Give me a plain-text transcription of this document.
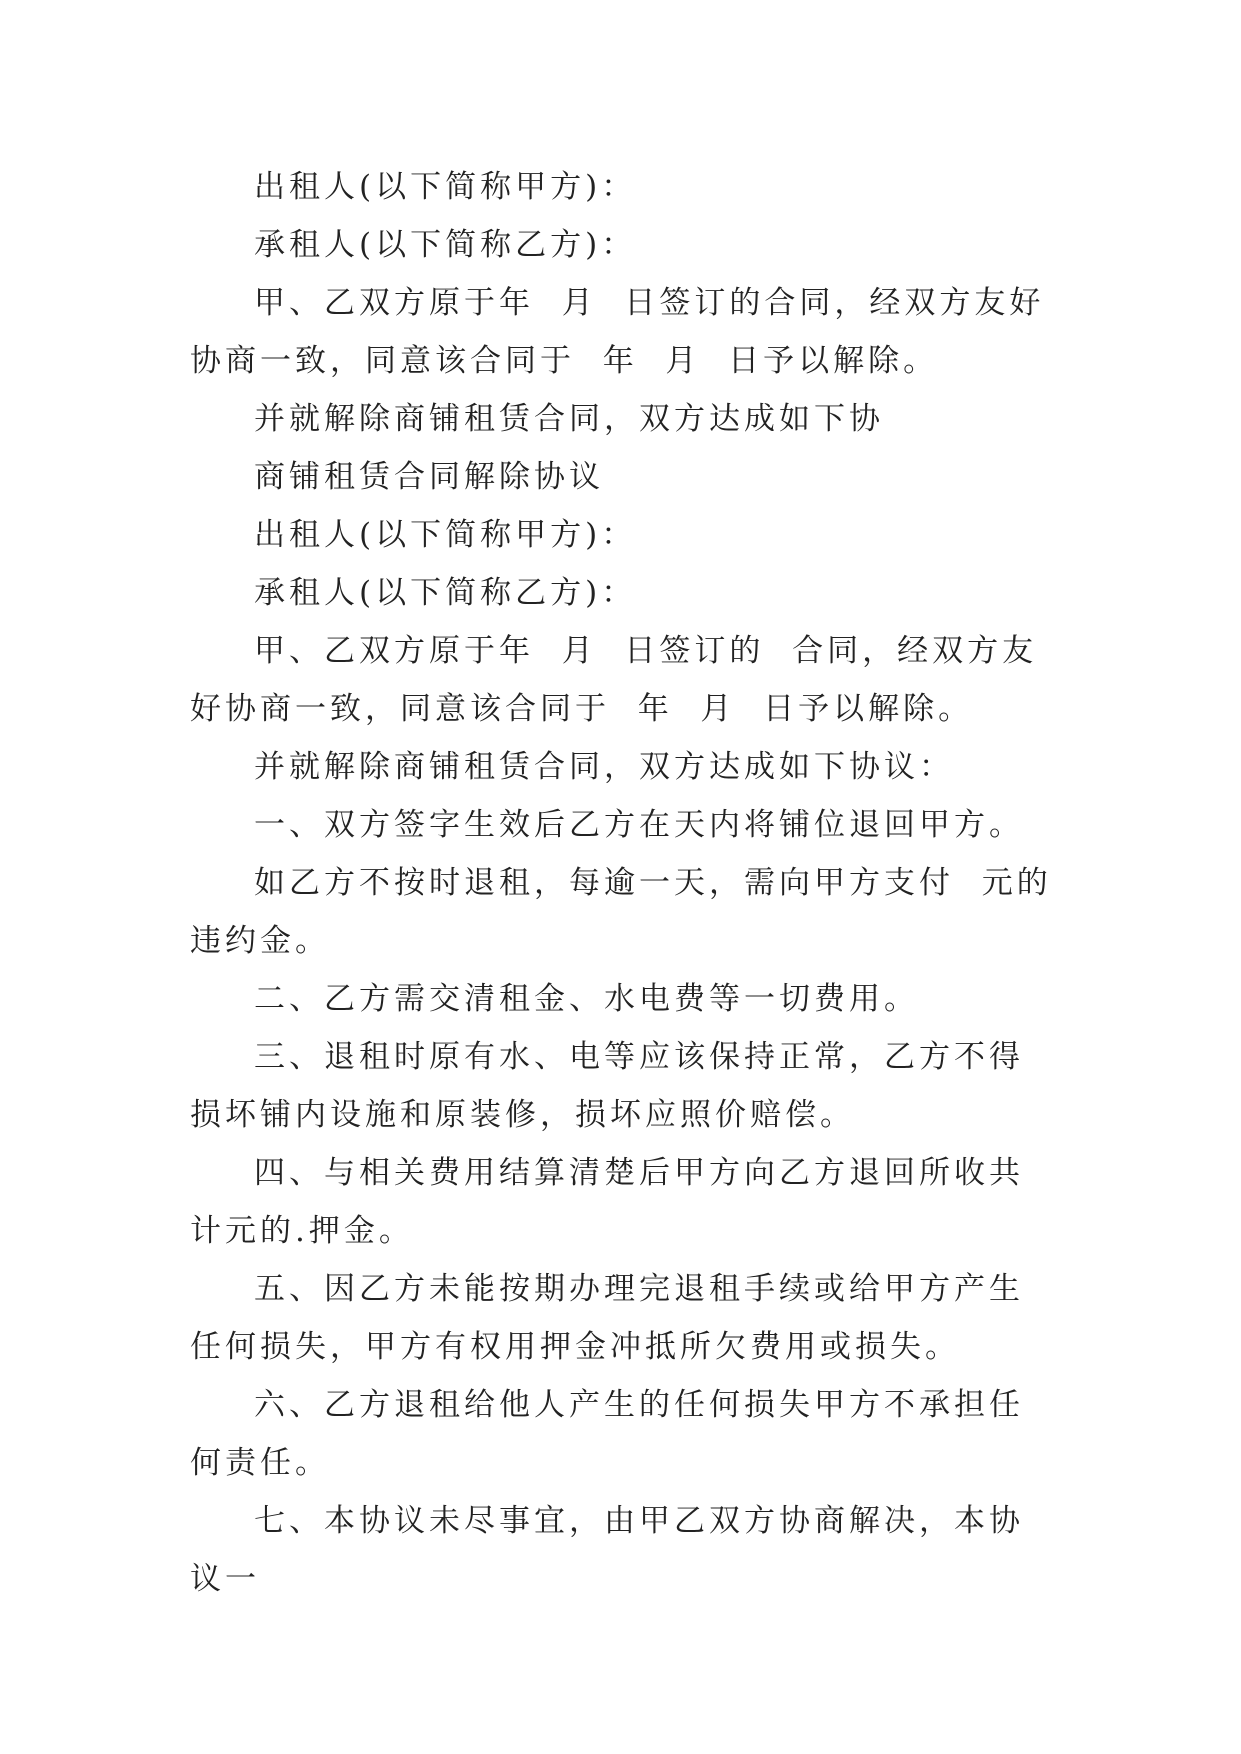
出租人(以下简称甲方)：

承租人(以下简称乙方)：

甲、乙双方原于年  月  日签订的合同，经双方友好协商一致，同意该合同于  年  月  日予以解除。

并就解除商铺租赁合同，双方达成如下协

商铺租赁合同解除协议

出租人(以下简称甲方)：

承租人(以下简称乙方)：

甲、乙双方原于年  月  日签订的  合同，经双方友好协商一致，同意该合同于  年  月  日予以解除。

并就解除商铺租赁合同，双方达成如下协议：

一、双方签字生效后乙方在天内将铺位退回甲方。

如乙方不按时退租，每逾一天，需向甲方支付  元的违约金。

二、乙方需交清租金、水电费等一切费用。

三、退租时原有水、电等应该保持正常，乙方不得损坏铺内设施和原装修，损坏应照价赔偿。

四、与相关费用结算清楚后甲方向乙方退回所收共计元的.押金。

五、因乙方未能按期办理完退租手续或给甲方产生任何损失，甲方有权用押金冲抵所欠费用或损失。

六、乙方退租给他人产生的任何损失甲方不承担任何责任。

七、本协议未尽事宜，由甲乙双方协商解决，本协议一
